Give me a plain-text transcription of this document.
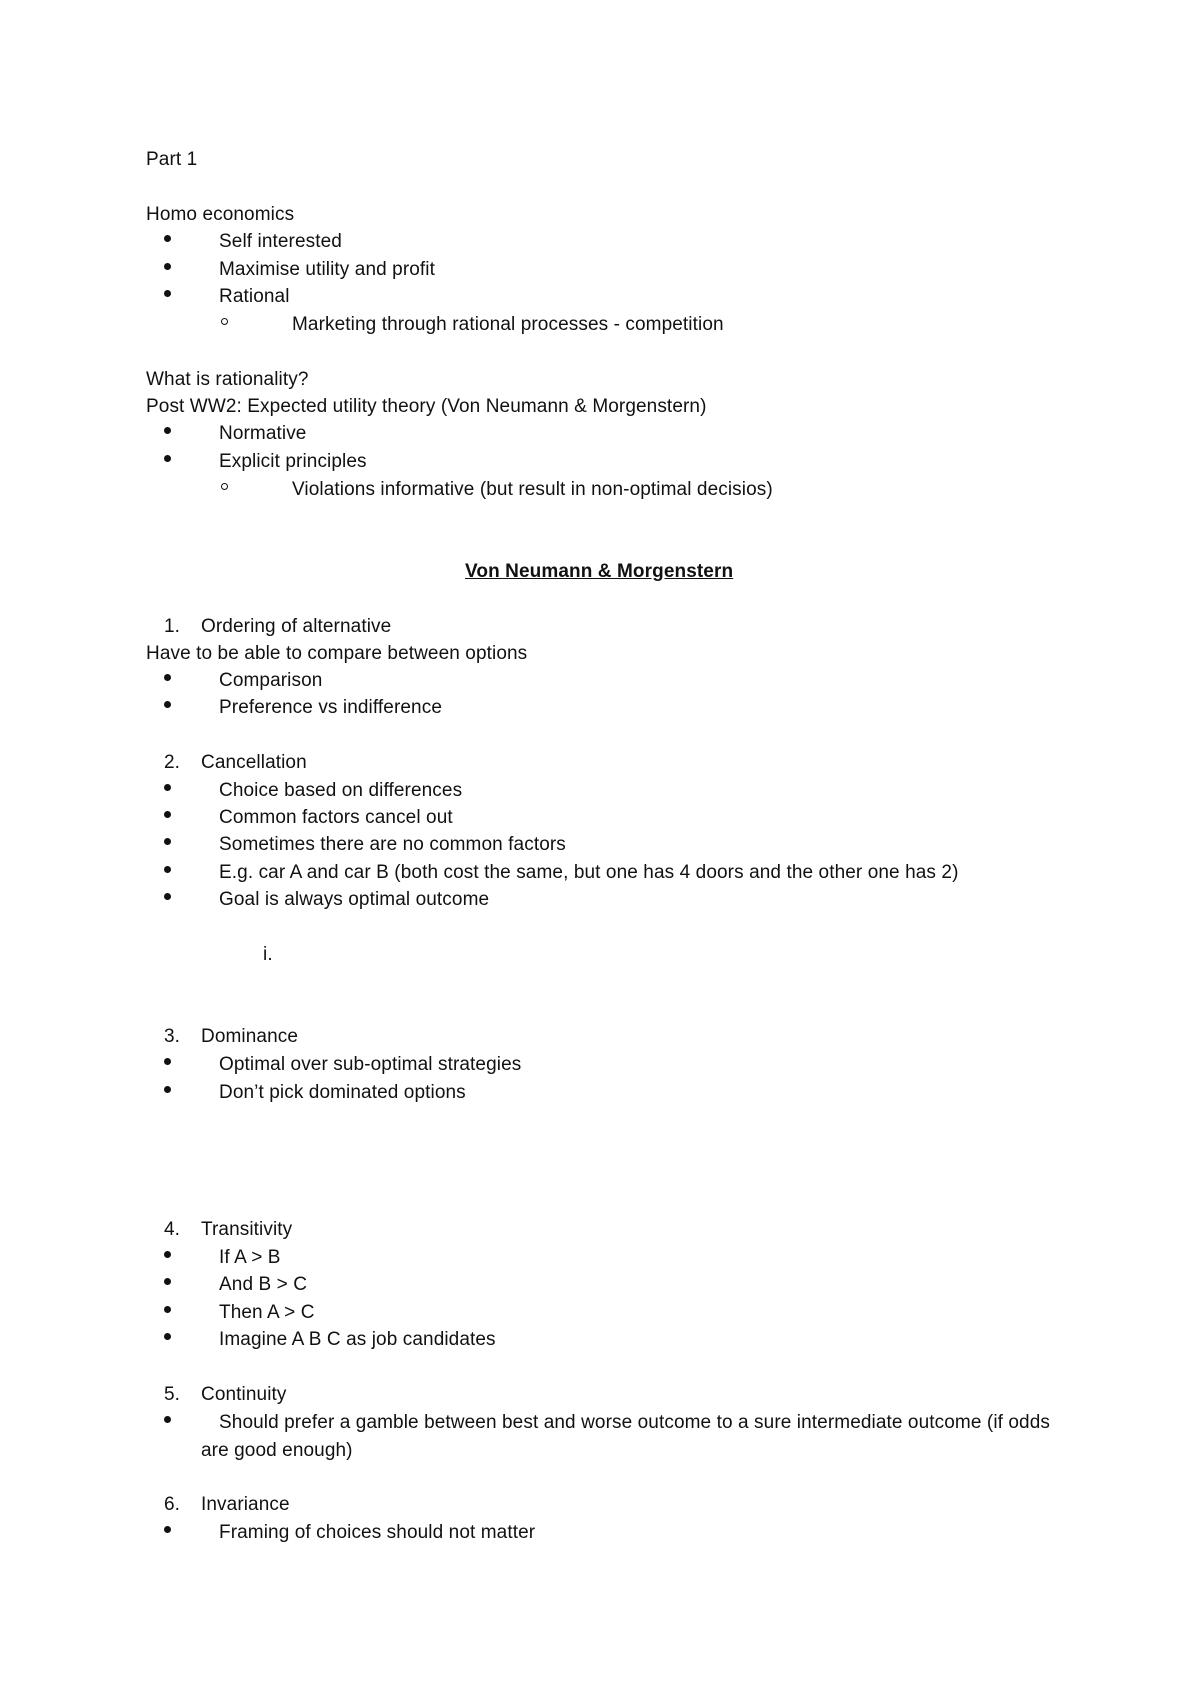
Part 1
Homo economics
Self interested
Maximise utility and profit
Rational
Marketing through rational processes - competition
What is rationality?
Post WW2: Expected utility theory (Von Neumann & Morgenstern)
Normative
Explicit principles
Violations informative (but result in non-optimal decisios)
Von Neumann & Morgenstern
1. Ordering of alternative
Have to be able to compare between options
Comparison
Preference vs indifference
2. Cancellation
Choice based on differences
Common factors cancel out
Sometimes there are no common factors
E.g. car A and car B (both cost the same, but one has 4 doors and the other one has 2)
Goal is always optimal outcome
i.
3. Dominance
Optimal over sub-optimal strategies
Don’t pick dominated options
4. Transitivity
If A > B
And B > C
Then A > C
Imagine A B C as job candidates
5. Continuity
Should prefer a gamble between best and worse outcome to a sure intermediate outcome (if odds are good enough)
6. Invariance
Framing of choices should not matter
